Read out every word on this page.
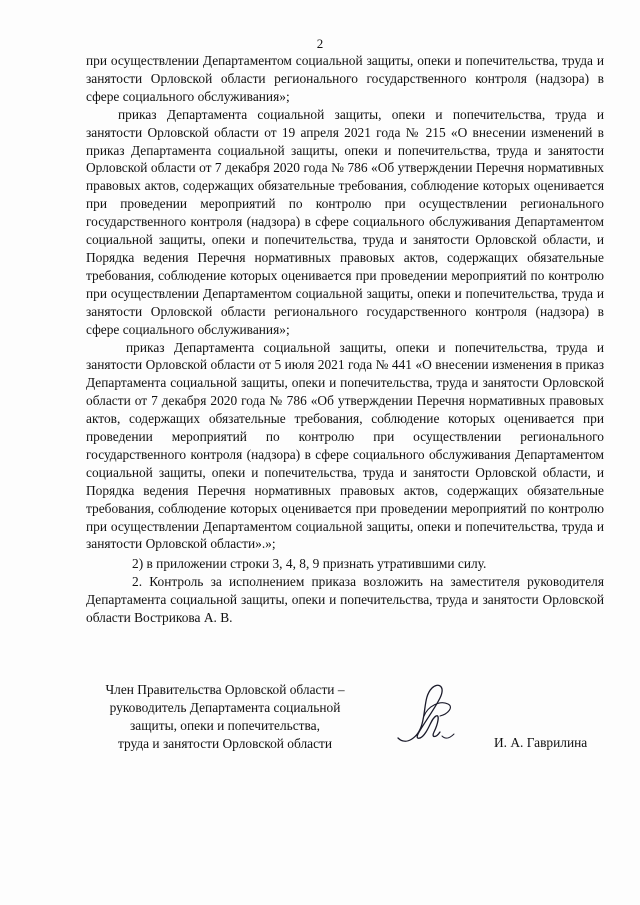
2

при осуществлении Департаментом социальной защиты, опеки и попечительства, труда и занятости Орловской области регионального государственного контроля (надзора) в сфере социального обслуживания»;

приказ Департамента социальной защиты, опеки и попечительства, труда и занятости Орловской области от 19 апреля 2021 года № 215 «О внесении изменений в приказ Департамента социальной защиты, опеки и попечительства, труда и занятости Орловской области от 7 декабря 2020 года № 786 «Об утверждении Перечня нормативных правовых актов, содержащих обязательные требования, соблюдение которых оценивается при проведении мероприятий по контролю при осуществлении регионального государственного контроля (надзора) в сфере социального обслуживания Департаментом социальной защиты, опеки и попечительства, труда и занятости Орловской области, и Порядка ведения Перечня нормативных правовых актов, содержащих обязательные требования, соблюдение которых оценивается при проведении мероприятий по контролю при осуществлении Департаментом социальной защиты, опеки и попечительства, труда и занятости Орловской области регионального государственного контроля (надзора) в сфере социального обслуживания»;

приказ Департамента социальной защиты, опеки и попечительства, труда и занятости Орловской области от 5 июля 2021 года № 441 «О внесении изменения в приказ Департамента социальной защиты, опеки и попечительства, труда и занятости Орловской области от 7 декабря 2020 года № 786 «Об утверждении Перечня нормативных правовых актов, содержащих обязательные требования, соблюдение которых оценивается при проведении мероприятий по контролю при осуществлении регионального государственного контроля (надзора) в сфере социального обслуживания Департаментом социальной защиты, опеки и попечительства, труда и занятости Орловской области, и Порядка ведения Перечня нормативных правовых актов, содержащих обязательные требования, соблюдение которых оценивается при проведении мероприятий по контролю при осуществлении Департаментом социальной защиты, опеки и попечительства, труда и занятости Орловской области».»;

2) в приложении строки 3, 4, 8, 9 признать утратившими силу.

2. Контроль за исполнением приказа возложить на заместителя руководителя Департамента социальной защиты, опеки и попечительства, труда и занятости Орловской области Вострикова А. В.

Член Правительства Орловской области –
руководитель Департамента социальной
защиты, опеки и попечительства,
труда и занятости Орловской области	И. А. Гаврилина
